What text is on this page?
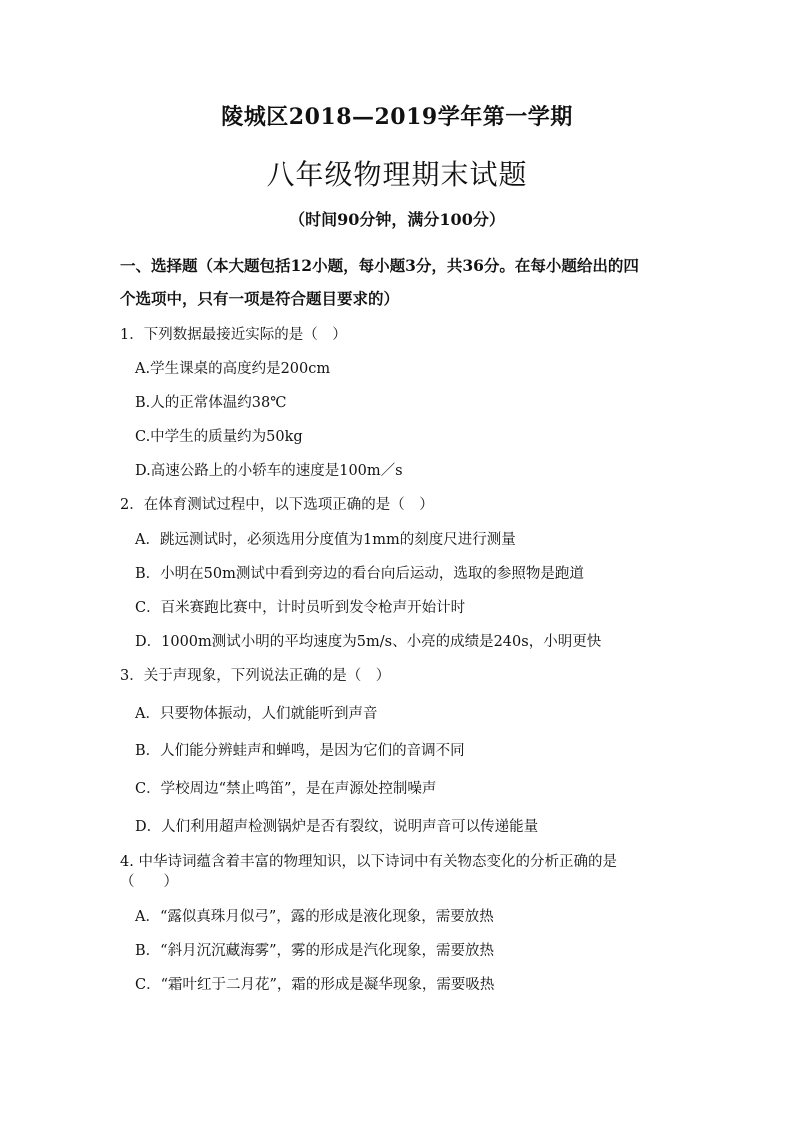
陵城区2018—2019学年第一学期
八年级物理期末试题
（时间90分钟，满分100分）
一、选择题（本大题包括12小题，每小题3分，共36分。在每小题给出的四
个选项中，只有一项是符合题目要求的）
1．下列数据最接近实际的是（　）
A.学生课桌的高度约是200cm
B.人的正常体温约38℃
C.中学生的质量约为50kg
D.高速公路上的小轿车的速度是100m／s
2．在体育测试过程中，以下选项正确的是（　）
A．跳远测试时，必须选用分度值为1mm的刻度尺进行测量
B．小明在50m测试中看到旁边的看台向后运动，选取的参照物是跑道
C．百米赛跑比赛中，计时员听到发令枪声开始计时
D．1000m测试小明的平均速度为5m/s、小亮的成绩是240s，小明更快
3．关于声现象，下列说法正确的是（　）
A．只要物体振动，人们就能听到声音
B．人们能分辨蛙声和蝉鸣，是因为它们的音调不同
C．学校周边“禁止鸣笛”，是在声源处控制噪声
D．人们利用超声检测锅炉是否有裂纹，说明声音可以传递能量
4. 中华诗词蕴含着丰富的物理知识，以下诗词中有关物态变化的分析正确的是
（　　）
A．“露似真珠月似弓”，露的形成是液化现象，需要放热
B．“斜月沉沉藏海雾”，雾的形成是汽化现象，需要放热
C．“霜叶红于二月花”，霜的形成是凝华现象，需要吸热
